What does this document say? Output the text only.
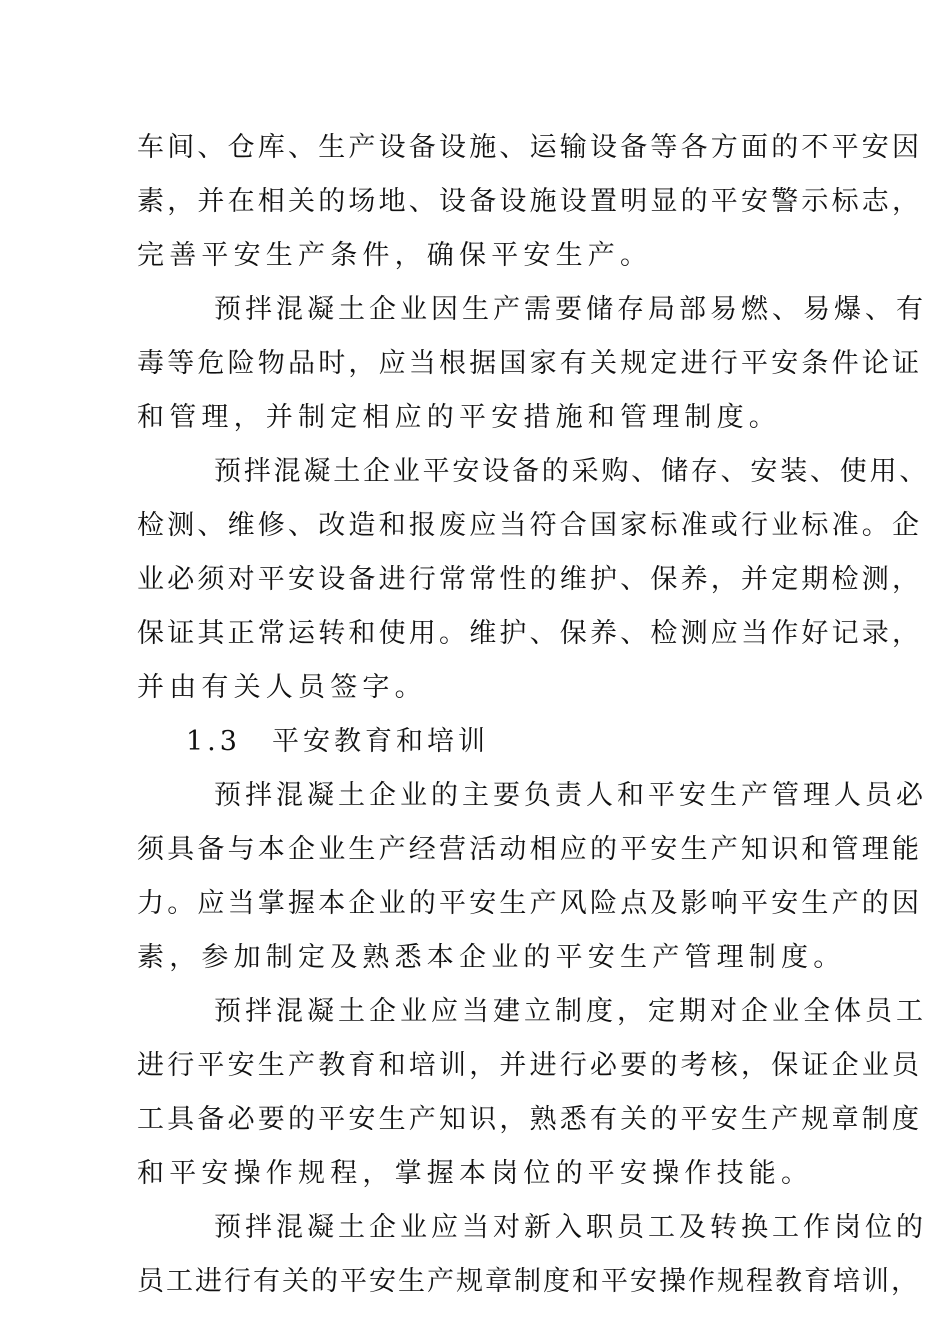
车间、仓库、生产设备设施、运输设备等各方面的不平安因
素，并在相关的场地、设备设施设置明显的平安警示标志，
完善平安生产条件，确保平安生产。
预拌混凝土企业因生产需要储存局部易燃、易爆、有
毒等危险物品时，应当根据国家有关规定进行平安条件论证
和管理，并制定相应的平安措施和管理制度。
预拌混凝土企业平安设备的采购、储存、安装、使用、
检测、维修、改造和报废应当符合国家标准或行业标准。企
业必须对平安设备进行常常性的维护、保养，并定期检测，
保证其正常运转和使用。维护、保养、检测应当作好记录，
并由有关人员签字。
1.3　平安教育和培训
预拌混凝土企业的主要负责人和平安生产管理人员必
须具备与本企业生产经营活动相应的平安生产知识和管理能
力。应当掌握本企业的平安生产风险点及影响平安生产的因
素，参加制定及熟悉本企业的平安生产管理制度。
预拌混凝土企业应当建立制度，定期对企业全体员工
进行平安生产教育和培训，并进行必要的考核，保证企业员
工具备必要的平安生产知识，熟悉有关的平安生产规章制度
和平安操作规程，掌握本岗位的平安操作技能。
预拌混凝土企业应当对新入职员工及转换工作岗位的
员工进行有关的平安生产规章制度和平安操作规程教育培训，
